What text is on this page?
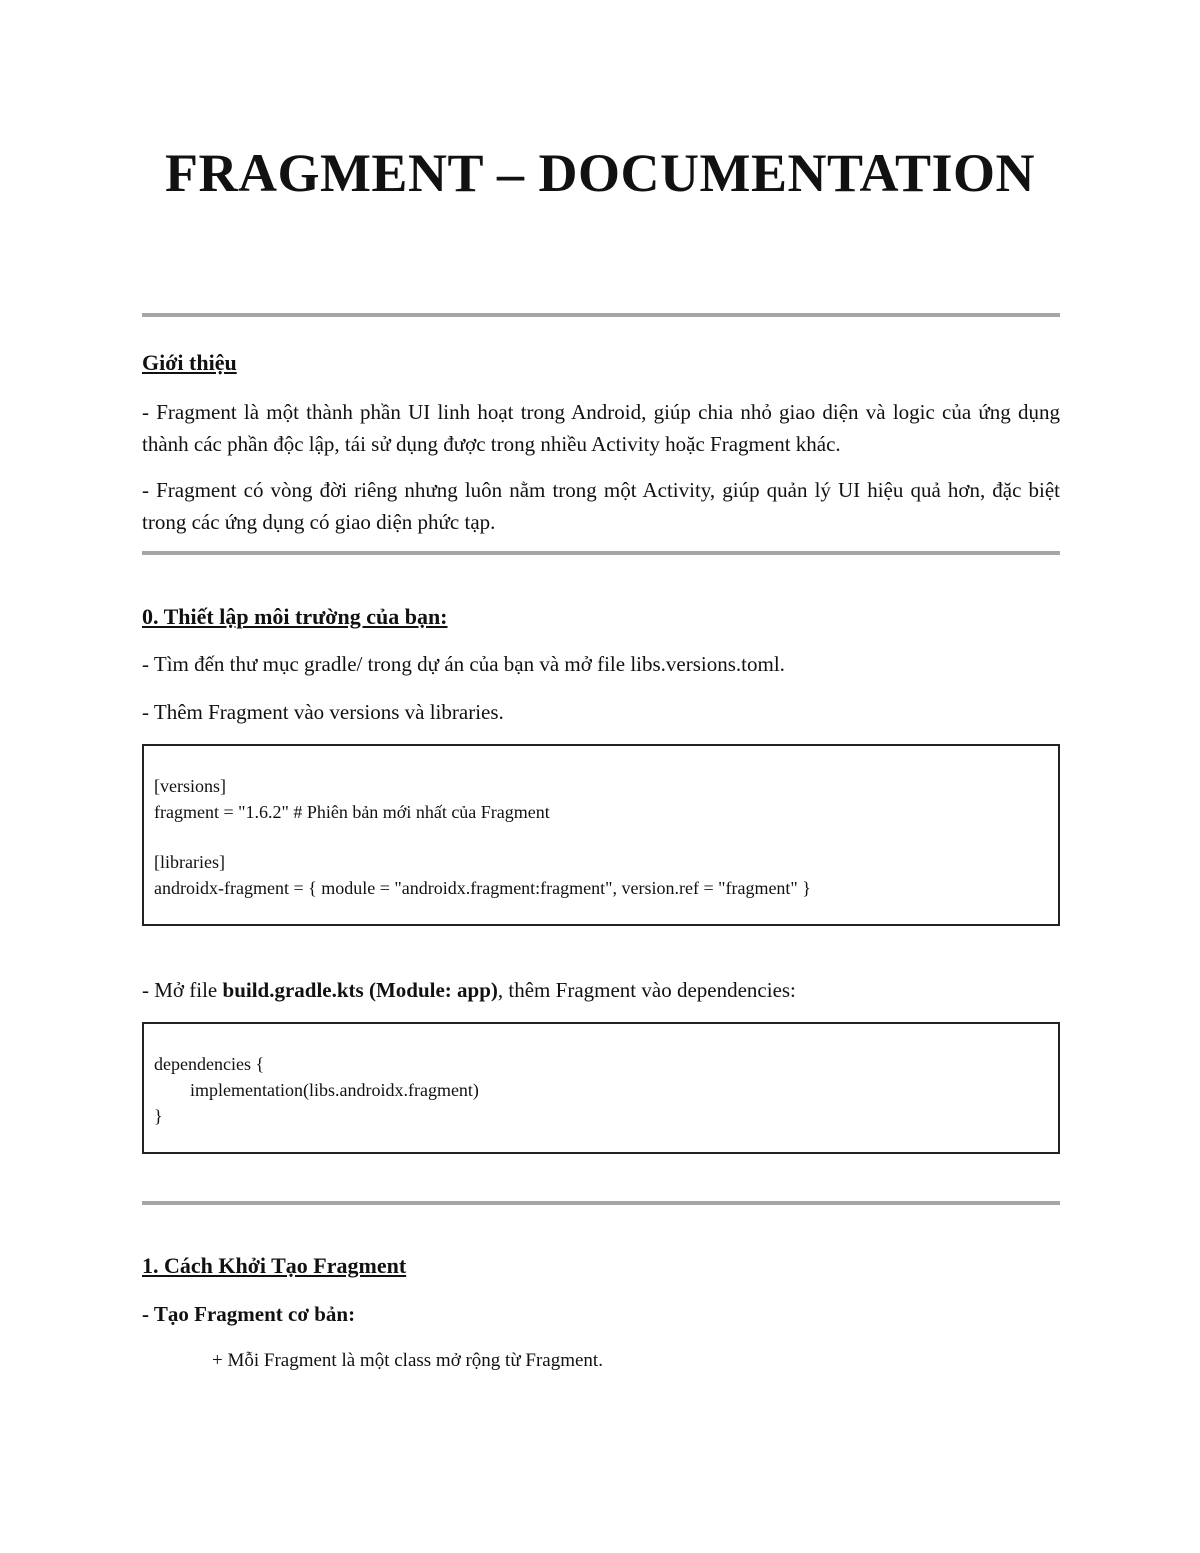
FRAGMENT – DOCUMENTATION

Giới thiệu

- Fragment là một thành phần UI linh hoạt trong Android, giúp chia nhỏ giao diện và logic của ứng dụng thành các phần độc lập, tái sử dụng được trong nhiều Activity hoặc Fragment khác.

- Fragment có vòng đời riêng nhưng luôn nằm trong một Activity, giúp quản lý UI hiệu quả hơn, đặc biệt trong các ứng dụng có giao diện phức tạp.

0. Thiết lập môi trường của bạn:

- Tìm đến thư mục gradle/ trong dự án của bạn và mở file libs.versions.toml.

- Thêm Fragment vào versions và libraries.

[versions]

fragment = "1.6.2" # Phiên bản mới nhất của Fragment

[libraries]

androidx-fragment = { module = "androidx.fragment:fragment", version.ref = "fragment" }

- Mở file build.gradle.kts (Module: app), thêm Fragment vào dependencies:

dependencies {

implementation(libs.androidx.fragment)

}

1. Cách Khởi Tạo Fragment

- Tạo Fragment cơ bản:

+ Mỗi Fragment là một class mở rộng từ Fragment.
